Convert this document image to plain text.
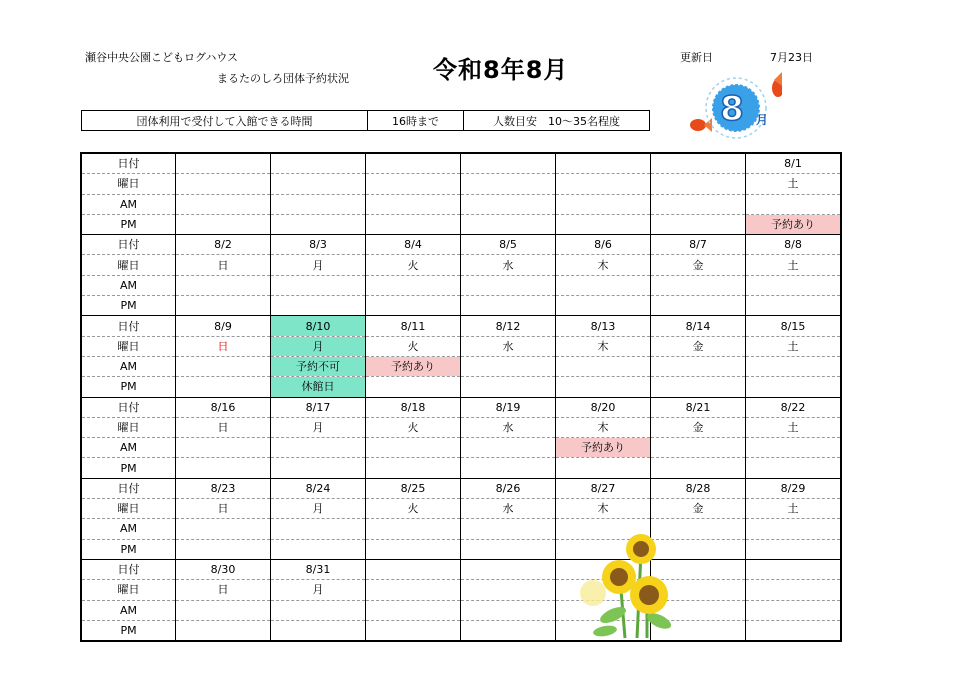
瀬谷中央公園こどもログハウス
まるたのしろ団体予約状況	令和8年8月	更新日	7月23日
団体利用で受付して入館できる時間	16時まで	人数目安　10～35名程度	8 月
日付							8/1
曜日							土
AM							
PM							予約あり
日付	8/2	8/3	8/4	8/5	8/6	8/7	8/8
曜日	日	月	火	水	木	金	土
AM							
PM							
日付	8/9	8/10	8/11	8/12	8/13	8/14	8/15
曜日	日	月	火	水	木	金	土
AM		予約不可	予約あり				
PM		休館日					
日付	8/16	8/17	8/18	8/19	8/20	8/21	8/22
曜日	日	月	火	水	木	金	土
AM					予約あり		
PM							
日付	8/23	8/24	8/25	8/26	8/27	8/28	8/29
曜日	日	月	火	水	木	金	土
AM							
PM							
日付	8/30	8/31					
曜日	日	月					
AM							
PM							
